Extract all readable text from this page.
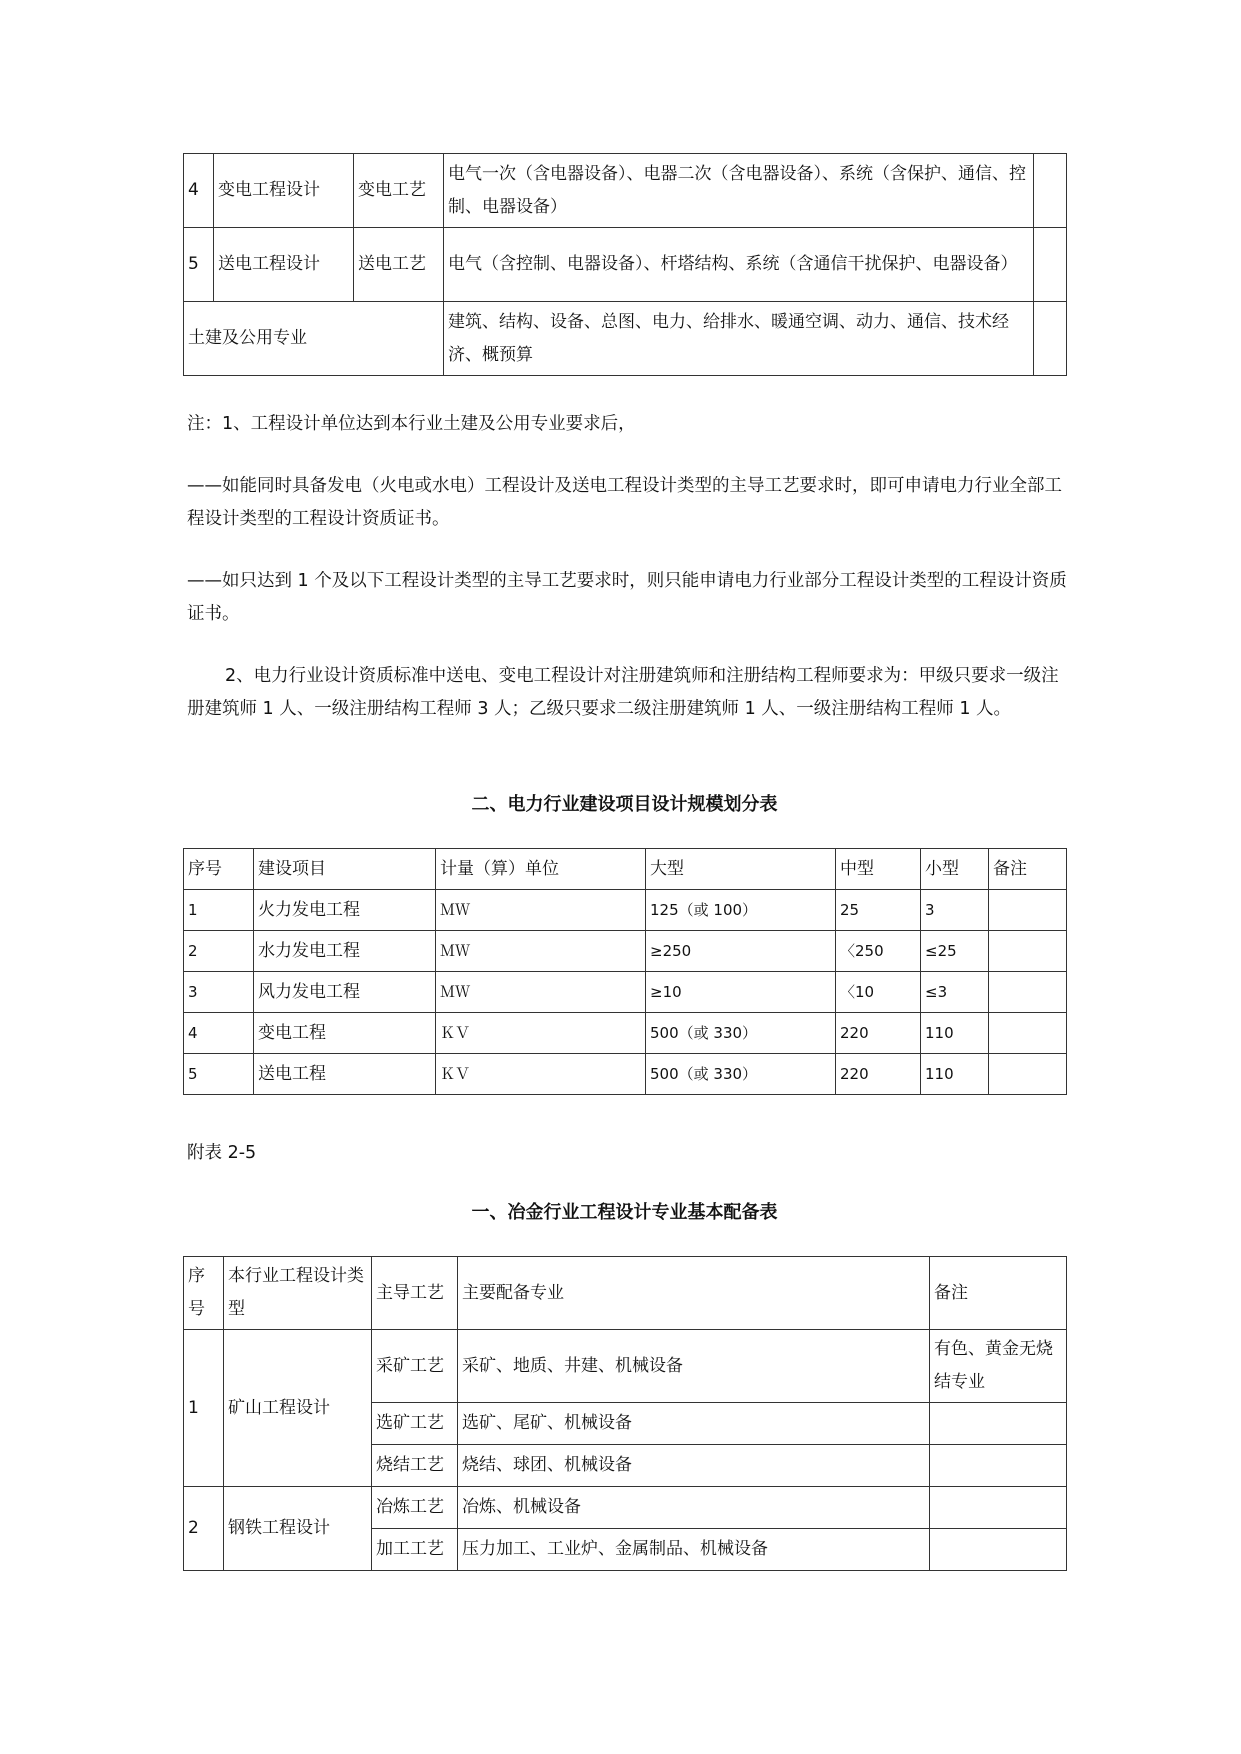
4	变电工程设计	变电工艺	电气一次（含电器设备）、电器二次（含电器设备）、系统（含保护、通信、控制、电器设备）	
5	送电工程设计	送电工艺	电气（含控制、电器设备）、杆塔结构、系统（含通信干扰保护、电器设备）	
土建及公用专业			建筑、结构、设备、总图、电力、给排水、暖通空调、动力、通信、技术经济、概预算	

注：1、工程设计单位达到本行业土建及公用专业要求后，

——如能同时具备发电（火电或水电）工程设计及送电工程设计类型的主导工艺要求时，即可申请电力行业全部工程设计类型的工程设计资质证书。

——如只达到 1 个及以下工程设计类型的主导工艺要求时，则只能申请电力行业部分工程设计类型的工程设计资质证书。

2、电力行业设计资质标准中送电、变电工程设计对注册建筑师和注册结构工程师要求为：甲级只要求一级注册建筑师 1 人、一级注册结构工程师 3 人；乙级只要求二级注册建筑师 1 人、一级注册结构工程师 1 人。

二、电力行业建设项目设计规模划分表

序号	建设项目	计量（算）单位	大型	中型	小型	备注
1	火力发电工程	ＭＷ	125（或 100）	25	3	
2	水力发电工程	ＭＷ	≥250	〈250	≤25	
3	风力发电工程	ＭＷ	≥10	〈10	≤3	
4	变电工程	ＫＶ	500（或 330）	220	110	
5	送电工程	ＫＶ	500（或 330）	220	110	

附表 2-5

一、冶金行业工程设计专业基本配备表

序号	本行业工程设计类型	主导工艺	主要配备专业	备注
1	矿山工程设计	采矿工艺	采矿、地质、井建、机械设备	有色、黄金无烧结专业
		选矿工艺	选矿、尾矿、机械设备	
		烧结工艺	烧结、球团、机械设备	
2	钢铁工程设计	冶炼工艺	冶炼、机械设备	
		加工工艺	压力加工、工业炉、金属制品、机械设备	
